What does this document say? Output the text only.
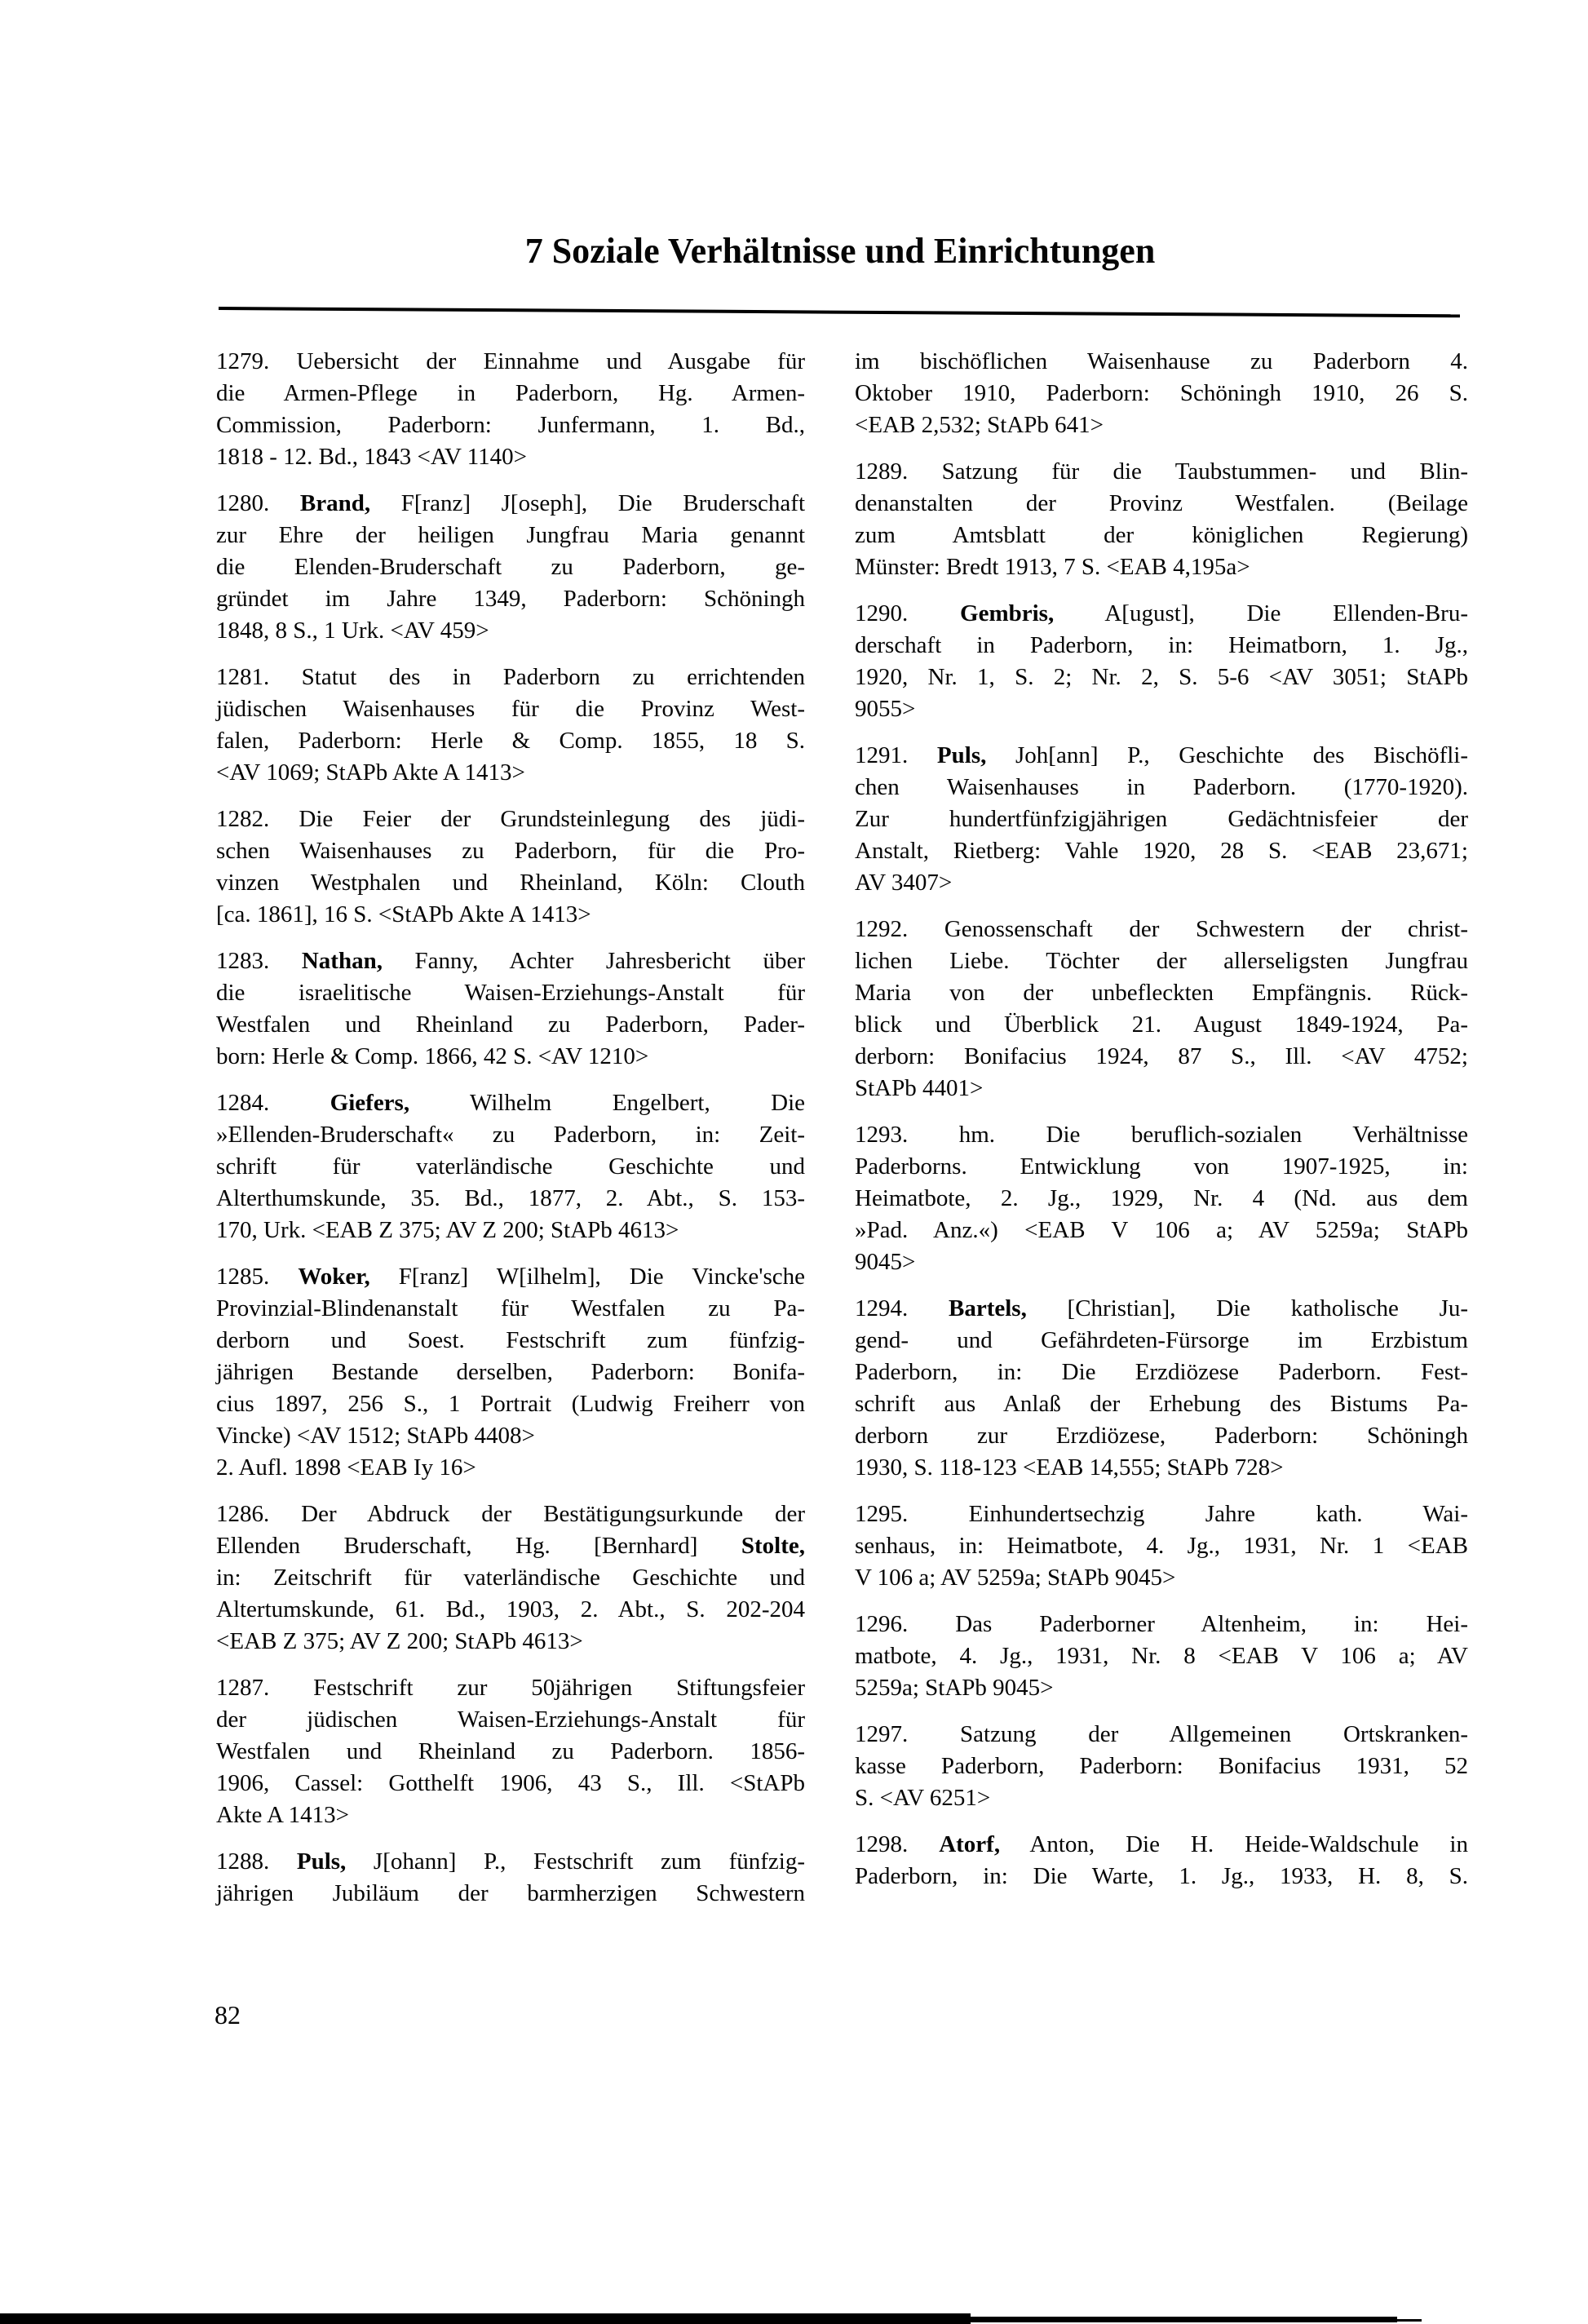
7 Soziale Verhältnisse und Einrichtungen
1279. Uebersicht der Einnahme und Ausgabe für
die Armen-Pflege in Paderborn, Hg. Armen-
Commission, Paderborn: Junfermann, 1. Bd.,
1818 - 12. Bd., 1843 <AV 1140>
1280. Brand, F[ranz] J[oseph], Die Bruderschaft
zur Ehre der heiligen Jungfrau Maria genannt
die Elenden-Bruderschaft zu Paderborn, ge-
gründet im Jahre 1349, Paderborn: Schöningh
1848, 8 S., 1 Urk. <AV 459>
1281. Statut des in Paderborn zu errichtenden
jüdischen Waisenhauses für die Provinz West-
falen, Paderborn: Herle & Comp. 1855, 18 S.
<AV 1069; StAPb Akte A 1413>
1282. Die Feier der Grundsteinlegung des jüdi-
schen Waisenhauses zu Paderborn, für die Pro-
vinzen Westphalen und Rheinland, Köln: Clouth
[ca. 1861], 16 S. <StAPb Akte A 1413>
1283. Nathan, Fanny, Achter Jahresbericht über
die israelitische Waisen-Erziehungs-Anstalt für
Westfalen und Rheinland zu Paderborn, Pader-
born: Herle & Comp. 1866, 42 S. <AV 1210>
1284. Giefers, Wilhelm Engelbert, Die
»Ellenden-Bruderschaft« zu Paderborn, in: Zeit-
schrift für vaterländische Geschichte und
Alterthumskunde, 35. Bd., 1877, 2. Abt., S. 153-
170, Urk. <EAB Z 375; AV Z 200; StAPb 4613>
1285. Woker, F[ranz] W[ilhelm], Die Vincke'sche
Provinzial-Blindenanstalt für Westfalen zu Pa-
derborn und Soest. Festschrift zum fünfzig-
jährigen Bestande derselben, Paderborn: Bonifa-
cius 1897, 256 S., 1 Portrait (Ludwig Freiherr von
Vincke) <AV 1512; StAPb 4408>
2. Aufl. 1898 <EAB Iy 16>
1286. Der Abdruck der Bestätigungsurkunde der
Ellenden Bruderschaft, Hg. [Bernhard] Stolte,
in: Zeitschrift für vaterländische Geschichte und
Altertumskunde, 61. Bd., 1903, 2. Abt., S. 202-204
<EAB Z 375; AV Z 200; StAPb 4613>
1287. Festschrift zur 50jährigen Stiftungsfeier
der jüdischen Waisen-Erziehungs-Anstalt für
Westfalen und Rheinland zu Paderborn. 1856-
1906, Cassel: Gotthelft 1906, 43 S., Ill. <StAPb
Akte A 1413>
1288. Puls, J[ohann] P., Festschrift zum fünfzig-
jährigen Jubiläum der barmherzigen Schwestern
im bischöflichen Waisenhause zu Paderborn 4.
Oktober 1910, Paderborn: Schöningh 1910, 26 S.
<EAB 2,532; StAPb 641>
1289. Satzung für die Taubstummen- und Blin-
denanstalten der Provinz Westfalen. (Beilage
zum Amtsblatt der königlichen Regierung)
Münster: Bredt 1913, 7 S. <EAB 4,195a>
1290. Gembris, A[ugust], Die Ellenden-Bru-
derschaft in Paderborn, in: Heimatborn, 1. Jg.,
1920, Nr. 1, S. 2; Nr. 2, S. 5-6 <AV 3051; StAPb
9055>
1291. Puls, Joh[ann] P., Geschichte des Bischöfli-
chen Waisenhauses in Paderborn. (1770-1920).
Zur hundertfünfzigjährigen Gedächtnisfeier der
Anstalt, Rietberg: Vahle 1920, 28 S. <EAB 23,671;
AV 3407>
1292. Genossenschaft der Schwestern der christ-
lichen Liebe. Töchter der allerseligsten Jungfrau
Maria von der unbefleckten Empfängnis. Rück-
blick und Überblick 21. August 1849-1924, Pa-
derborn: Bonifacius 1924, 87 S., Ill. <AV 4752;
StAPb 4401>
1293. hm. Die beruflich-sozialen Verhältnisse
Paderborns. Entwicklung von 1907-1925, in:
Heimatbote, 2. Jg., 1929, Nr. 4 (Nd. aus dem
»Pad. Anz.«) <EAB V 106 a; AV 5259a; StAPb
9045>
1294. Bartels, [Christian], Die katholische Ju-
gend- und Gefährdeten-Fürsorge im Erzbistum
Paderborn, in: Die Erzdiözese Paderborn. Fest-
schrift aus Anlaß der Erhebung des Bistums Pa-
derborn zur Erzdiözese, Paderborn: Schöningh
1930, S. 118-123 <EAB 14,555; StAPb 728>
1295. Einhundertsechzig Jahre kath. Wai-
senhaus, in: Heimatbote, 4. Jg., 1931, Nr. 1 <EAB
V 106 a; AV 5259a; StAPb 9045>
1296. Das Paderborner Altenheim, in: Hei-
matbote, 4. Jg., 1931, Nr. 8 <EAB V 106 a; AV
5259a; StAPb 9045>
1297. Satzung der Allgemeinen Ortskranken-
kasse Paderborn, Paderborn: Bonifacius 1931, 52
S. <AV 6251>
1298. Atorf, Anton, Die H. Heide-Waldschule in
Paderborn, in: Die Warte, 1. Jg., 1933, H. 8, S.
82
